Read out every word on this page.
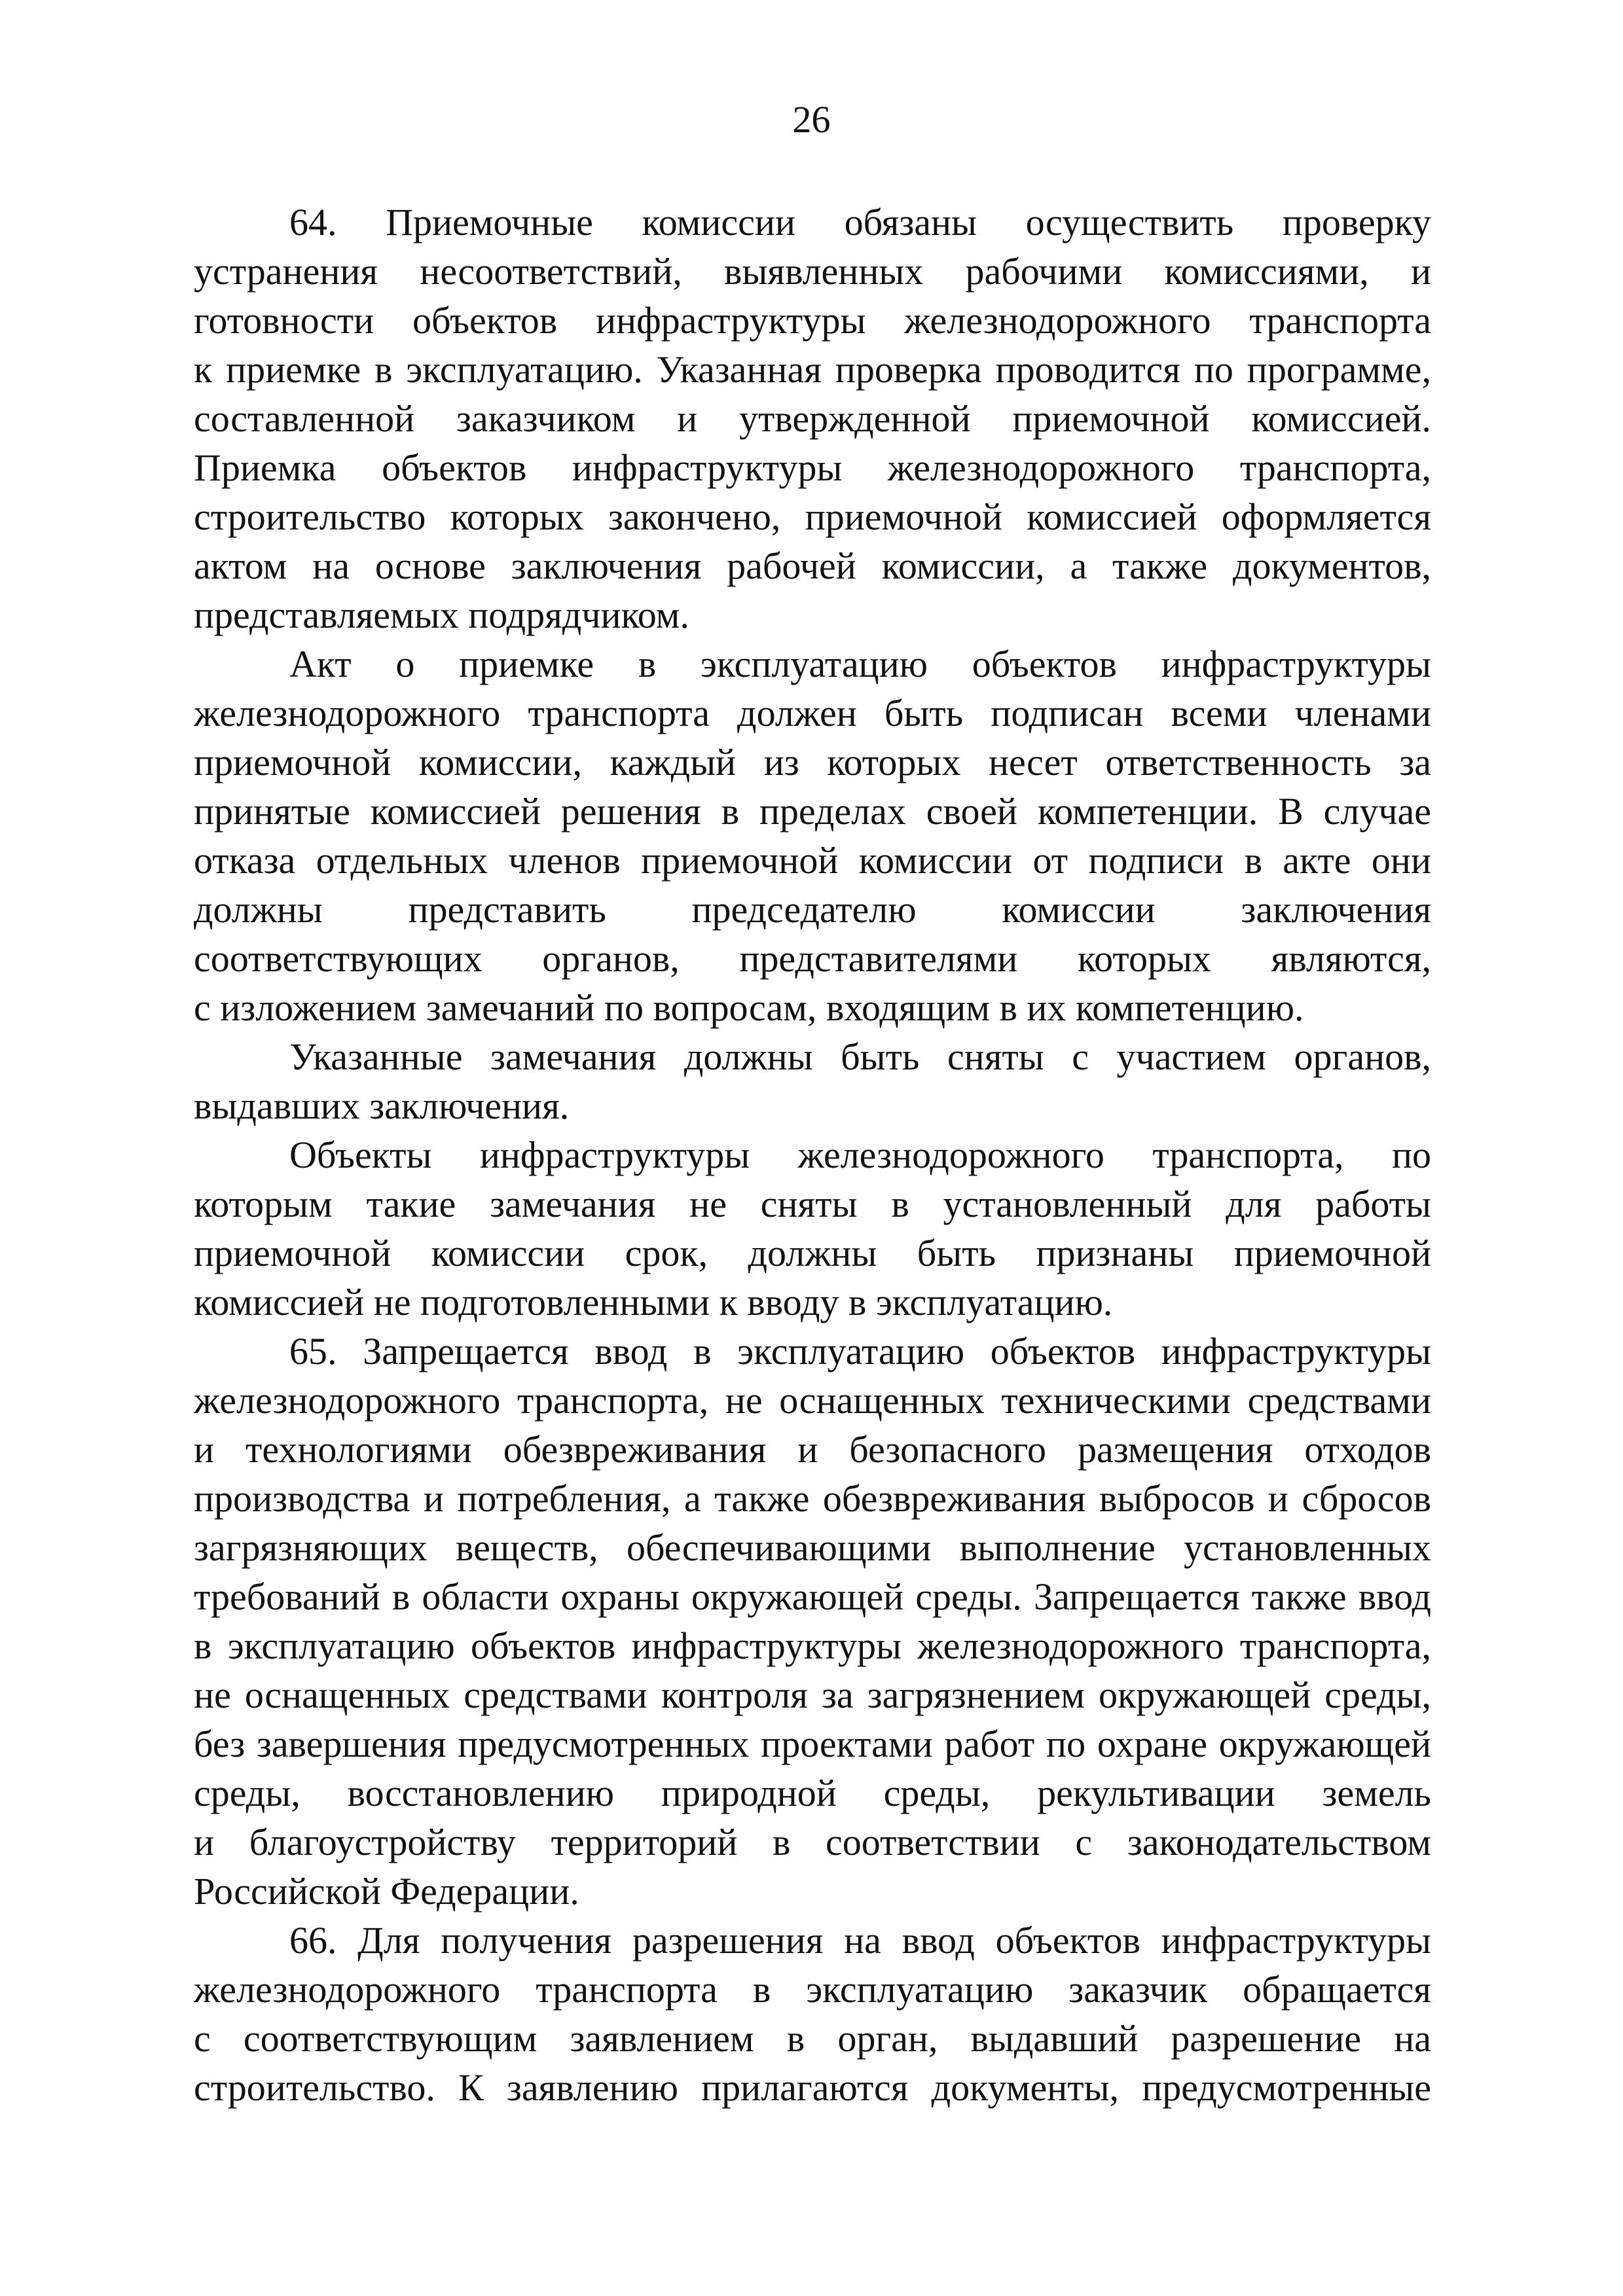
26
64. Приемочные комиссии обязаны осуществить проверку
устранения несоответствий, выявленных рабочими комиссиями, и
готовности объектов инфраструктуры железнодорожного транспорта
к приемке в эксплуатацию. Указанная проверка проводится по программе,
составленной заказчиком и утвержденной приемочной комиссией.
Приемка объектов инфраструктуры железнодорожного транспорта,
строительство которых закончено, приемочной комиссией оформляется
актом на основе заключения рабочей комиссии, а также документов,
представляемых подрядчиком.
Акт о приемке в эксплуатацию объектов инфраструктуры
железнодорожного транспорта должен быть подписан всеми членами
приемочной комиссии, каждый из которых несет ответственность за
принятые комиссией решения в пределах своей компетенции. В случае
отказа отдельных членов приемочной комиссии от подписи в акте они
должны представить председателю комиссии заключения
соответствующих органов, представителями которых являются,
с изложением замечаний по вопросам, входящим в их компетенцию.
Указанные замечания должны быть сняты с участием органов,
выдавших заключения.
Объекты инфраструктуры железнодорожного транспорта, по
которым такие замечания не сняты в установленный для работы
приемочной комиссии срок, должны быть признаны приемочной
комиссией не подготовленными к вводу в эксплуатацию.
65. Запрещается ввод в эксплуатацию объектов инфраструктуры
железнодорожного транспорта, не оснащенных техническими средствами
и технологиями обезвреживания и безопасного размещения отходов
производства и потребления, а также обезвреживания выбросов и сбросов
загрязняющих веществ, обеспечивающими выполнение установленных
требований в области охраны окружающей среды. Запрещается также ввод
в эксплуатацию объектов инфраструктуры железнодорожного транспорта,
не оснащенных средствами контроля за загрязнением окружающей среды,
без завершения предусмотренных проектами работ по охране окружающей
среды, восстановлению природной среды, рекультивации земель
и благоустройству территорий в соответствии с законодательством
Российской Федерации.
66. Для получения разрешения на ввод объектов инфраструктуры
железнодорожного транспорта в эксплуатацию заказчик обращается
с соответствующим заявлением в орган, выдавший разрешение на
строительство. К заявлению прилагаются документы, предусмотренные
